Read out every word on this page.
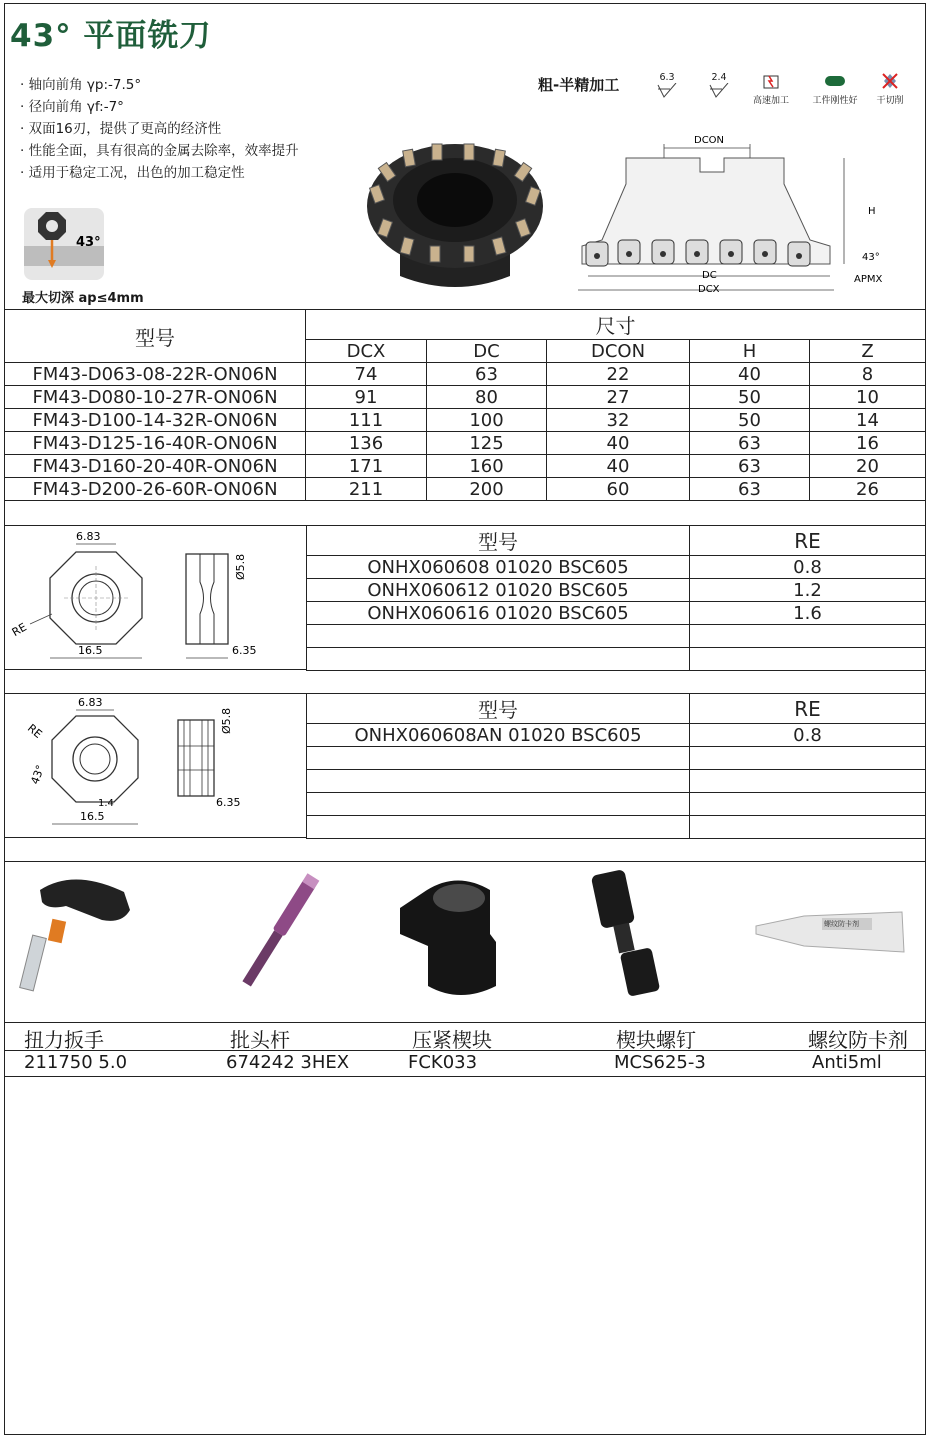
43° 平面铣刀
· 轴向前角 γp:-7.5°
· 径向前角 γf:-7°
· 双面16刃，提供了更高的经济性
· 性能全面，具有很高的金属去除率，效率提升
· 适用于稳定工况，出色的加工稳定性
43°
最大切深 ap≤4mm
粗-半精加工	6.3	2.4
高速加工	工件刚性好	干切削
DCON
H
43°
APMX
DC
DCX
型号	尺寸				
	DCX	DC	DCON	H	Z
FM43-D063-08-22R-ON06N	74	63	22	40	8
FM43-D080-10-27R-ON06N	91	80	27	50	10
FM43-D100-14-32R-ON06N	111	100	32	50	14
FM43-D125-16-40R-ON06N	136	125	40	63	16
FM43-D160-20-40R-ON06N	171	160	40	63	20
FM43-D200-26-60R-ON06N	211	200	60	63	26
6.83
RE
16.5
Ø5.8
6.35
型号	RE
ONHX060608 01020 BSC605	0.8
ONHX060612 01020 BSC605	1.2
ONHX060616 01020 BSC605	1.6

6.83
RE
43°
1.4
16.5
Ø5.8
6.35
型号	RE
ONHX060608AN 01020 BSC605	0.8

螺纹防卡剂
扭力扳手	批头杆	压紧楔块	楔块螺钉	螺纹防卡剂
211750 5.0	674242 3HEX	FCK033	MCS625-3	Anti5ml
